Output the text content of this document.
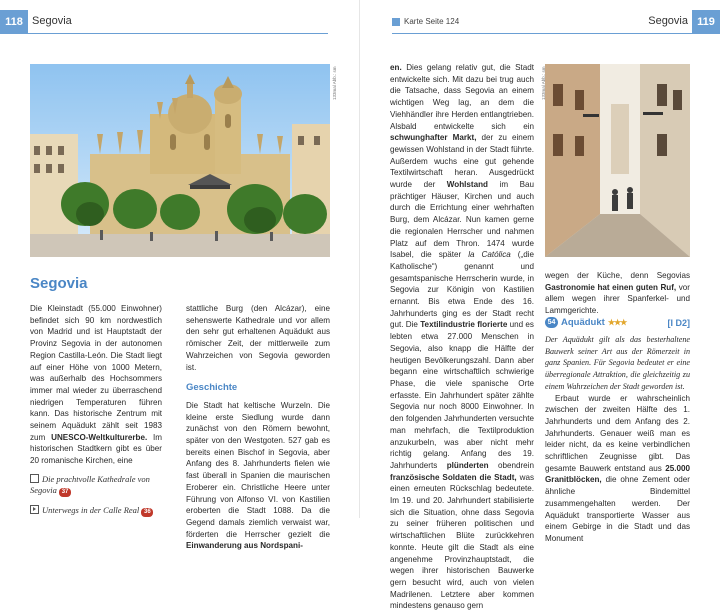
118 Segovia
133mal Abb.: sm
Segovia

Die Kleinstadt (55.000 Einwohner) befindet sich 90 km nordwestlich von Madrid und ist Hauptstadt der Provinz Segovia in der autonomen Region Castilla-León. Die Stadt liegt auf einer Höhe von 1000 Metern, was außerhalb des Hochsommers immer mal wieder zu überraschend niedrigen Temperaturen führen kann. Das historische Zentrum mit seinem Aquädukt zählt seit 1983 zum UNESCO-Weltkulturerbe. Im historischen Stadtkern gibt es über 20 romanische Kirchen, eine

stattliche Burg (den Alcázar), eine sehenswerte Kathedrale und vor allem den sehr gut erhaltenen Aquädukt aus römischer Zeit, der mittlerweile zum Wahrzeichen von Segovia geworden ist.

Geschichte

Die Stadt hat keltische Wurzeln. Die kleine erste Siedlung wurde dann zunächst von den Römern bewohnt, später von den Westgoten. 527 gab es bereits einen Bischof in Segovia, aber Anfang des 8. Jahrhunderts fielen wie fast überall in Spanien die maurischen Eroberer ein. Christliche Heere unter Führung von Alfonso VI. von Kastilien eroberten die Stadt 1088. Da die Gegend damals ziemlich verwaist war, förderten die Herrscher gezielt die Einwanderung aus Nordspani-

Die prachtvolle Kathedrale von Segovia 37
Unterwegs in der Calle Real 36
Karte Seite 124	Segovia 119

en. Dies gelang relativ gut, die Stadt entwickelte sich. Mit dazu bei trug auch die Tatsache, dass Segovia an einem wichtigen Weg lag, an dem die Viehhändler ihre Herden entlangtrieben. Alsbald entwickelte sich ein schwunghafter Markt, der zu einem gewissen Wohlstand in der Stadt führte. Außerdem wuchs eine gut gehende Textilwirtschaft heran. Ausgedrückt wurde der Wohlstand im Bau prächtiger Häuser, Kirchen und auch durch die Errichtung einer wehrhaften Burg, dem Alcázar. Nun kamen gerne die regionalen Herrscher und nahmen Platz auf dem Thron. 1474 wurde Isabel, die später la Católica („die Katholische“) genannt und gesamtspanische Herrscherin wurde, in Segovia zur Königin von Kastilien ernannt. Bis etwa Ende des 16. Jahrhunderts ging es der Stadt recht gut. Die Textilindustrie florierte und es lebten etwa 27.000 Menschen in Segovia, also knapp die Hälfte der heutigen Bevölkerungszahl. Dann aber begann eine wirtschaftlich schwierige Phase, die viele spanische Orte erfasste. Ein Jahrhundert später zählte Segovia nur noch 8000 Einwohner. In den folgenden Jahrhunderten versuchte man mehrfach, die Textilproduktion anzukurbeln, was aber nicht mehr richtig gelang. Anfang des 19. Jahrhunderts plünderten obendrein französische Soldaten die Stadt, was einen erneuten Rückschlag bedeutete. Im 19. und 20. Jahrhundert stabilisierte sich die Situation, ohne dass Segovia zu seiner früheren politischen und wirtschaftlichen Blüte zurückkehren konnte. Heute gilt die Stadt als eine angenehme Provinzhauptstadt, die wegen ihrer historischen Bauwerke gern besucht wird, auch von vielen Madrilenen. Letztere aber kommen mindestens genauso gern

133mal Abb.: sm

wegen der Küche, denn Segovias Gastronomie hat einen guten Ruf, vor allem wegen ihrer Spanferkel- und Lammgerichte.

54 Aquädukt ★★★	[I D2]

Der Aquädukt gilt als das besterhaltene Bauwerk seiner Art aus der Römerzeit in ganz Spanien. Für Segovia bedeutet er eine überregionale Attraktion, die gleichzeitig zu einem Wahrzeichen der Stadt geworden ist.

Erbaut wurde er wahrscheinlich zwischen der zweiten Hälfte des 1. Jahrhunderts und dem Anfang des 2. Jahrhunderts. Genauer weiß man es leider nicht, da es keine verbindlichen schriftlichen Zeugnisse gibt. Das gesamte Bauwerk entstand aus 25.000 Granitblöcken, die ohne Zement oder ähnliche Bindemittel zusammengehalten werden. Der Aquädukt transportierte Wasser aus einem Gebirge in die Stadt und das Monument
